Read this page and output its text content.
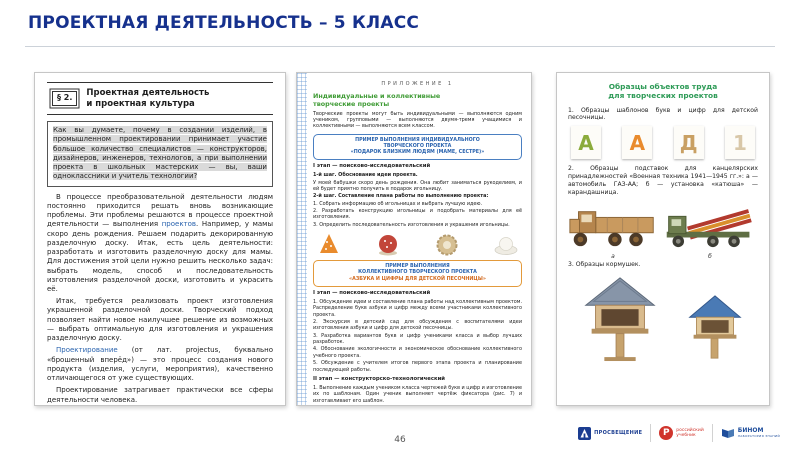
ПРОЕКТНАЯ ДЕЯТЕЛЬНОСТЬ – 5 КЛАСС
§ 2.	Проектная деятельность
и проектная культура
Как вы думаете, почему в создании изделий, в промышленном проектировании принимает участие большое количество специалистов — конструкторов, дизайнеров, инженеров, технологов, а при выполнении проекта в школьных мастерских — вы, ваши одноклассники и учитель технологии?

В процессе преобразовательной деятельности людям постоянно приходится решать вновь возникающие проблемы. Эти проблемы решаются в процессе проектной деятельности — выполнения проектов. Например, у мамы скоро день рождения. Решаем подарить декорированную разделочную доску. Итак, есть цель деятельности: разработать и изготовить разделочную доску для мамы. Для достижения этой цели нужно решить несколько задач: выбрать модель, способ и последовательность изготовления разделочной доски, изготовить и украсить её.

Итак, требуется реализовать проект изготовления украшенной разделочной доски. Творческий подход позволяет найти новое наилучшее решение из возможных — выбрать оптимальную для изготовления и украшения разделочную доску.

Проектирование (от лат. projectus, буквально «брошенный вперёд») — это процесс создания нового продукта (изделия, услуги, мероприятия), качественно отличающегося от уже существующих.

Проектирование затрагивает практически все сферы деятельности человека.

ПРИЛОЖЕНИЕ 1
Индивидуальные и коллективные
творческие проекты
Творческие проекты могут быть индивидуальными — выполняются одним учеником, групповыми — выполняются двумя-тремя учащимися и коллективными — выполняются всем классом.
ПРИМЕР ВЫПОЛНЕНИЯ ИНДИВИДУАЛЬНОГО
ТВОРЧЕСКОГО ПРОЕКТА
«ПОДАРОК БЛИЗКИМ ЛЮДЯМ (МАМЕ, СЕСТРЕ)»
I этап — поисково-исследовательский
1-й шаг. Обоснование идеи проекта.
У моей бабушки скоро день рождения. Она любит заниматься рукоделием, и ей будет приятно получить в подарок игольницу.
2-й шаг. Составление плана работы по выполнению проекта:
1. Собрать информацию об игольницах и выбрать лучшую идею.
2. Разработать конструкцию игольницы и подобрать материалы для её изготовления.
3. Определить последовательность изготовления и украшения игольницы.
ПРИМЕР ВЫПОЛНЕНИЯ
КОЛЛЕКТИВНОГО ТВОРЧЕСКОГО ПРОЕКТА
«АЗБУКА И ЦИФРЫ ДЛЯ ДЕТСКОЙ ПЕСОЧНИЦЫ»
I этап — поисково-исследовательский
1. Обсуждение идеи и составление плана работы над коллективным проектом. Распределение букв азбуки и цифр между всеми участниками коллективного проекта.
2. Экскурсия в детский сад для обсуждения с воспитателями идеи изготовления азбуки и цифр для детской песочницы.
3. Разработка вариантов букв и цифр учениками класса и выбор лучших разработок.
4. Обоснование экологичности и экономическое обоснование коллективного учебного проекта.
5. Обсуждение с учителем итогов первого этапа проекта и планирование последующей работы.
II этап — конструкторско-технологический
1. Выполнение каждым учеником класса чертежей букв и цифр и изготовление их по шаблонам. Один ученик выполняет чертёж фиксатора (рис. 7) и изготавливает его шаблон.
Образцы объектов труда
для творческих проектов
1. Образцы шаблонов букв и цифр для детской песочницы.
А	А	Д	1
2. Образцы подставок для канцелярских принадлежностей «Военная техника 1941—1945 гг.»: а — автомобиль ГАЗ-АА; б — установка «катюша» — карандашница.
а	б
3. Образцы кормушек.
46
ПРОСВЕЩЕНИЕ	Р	российский
учебник
БИНОМ
ЛАБОРАТОРИЯ ЗНАНИЙ
